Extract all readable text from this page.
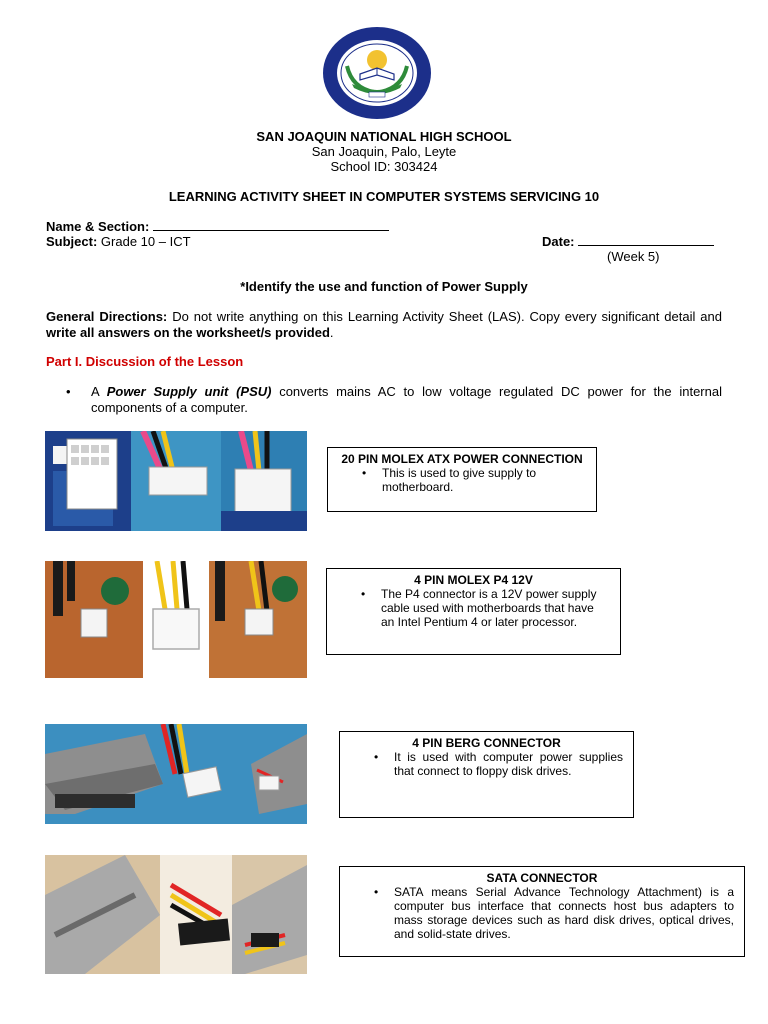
SAN JOAQUIN NATIONAL HIGH SCHOOL
San Joaquin, Palo, Leyte
School ID: 303424
LEARNING ACTIVITY SHEET IN COMPUTER SYSTEMS SERVICING 10
Name & Section:
Subject: Grade 10 – ICT	Date:
(Week 5)
*Identify the use and function of Power Supply
General Directions: Do not write anything on this Learning Activity Sheet (LAS). Copy every significant detail and write all answers on the worksheet/s provided.
Part I. Discussion of the Lesson
• A Power Supply unit (PSU) converts mains AC to low voltage regulated DC power for the internal components of a computer.
20 PIN MOLEX ATX POWER CONNECTION
• This is used to give supply to motherboard.
4 PIN MOLEX P4 12V
• The P4 connector is a 12V power supply cable used with motherboards that have an Intel Pentium 4 or later processor.
4 PIN BERG CONNECTOR
• It is used with computer power supplies that connect to floppy disk drives.
SATA CONNECTOR
• SATA means Serial Advance Technology Attachment) is a computer bus interface that connects host bus adapters to mass storage devices such as hard disk drives, optical drives, and solid-state drives.
